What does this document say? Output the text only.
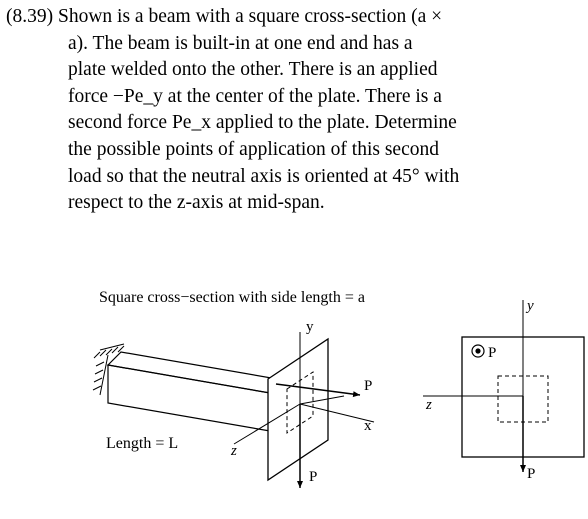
(8.39) Shown is a beam with a square cross-section (a ×
a). The beam is built-in at one end and has a
plate welded onto the other. There is an applied
force −Pe_y at the center of the plate. There is a
second force Pe_x applied to the plate. Determine
the possible points of application of this second
load so that the neutral axis is oriented at 45° with
respect to the z-axis at mid-span.
Square cross−section with side length = a
y
x
z
P
P
Length = L
y
z
P
P
